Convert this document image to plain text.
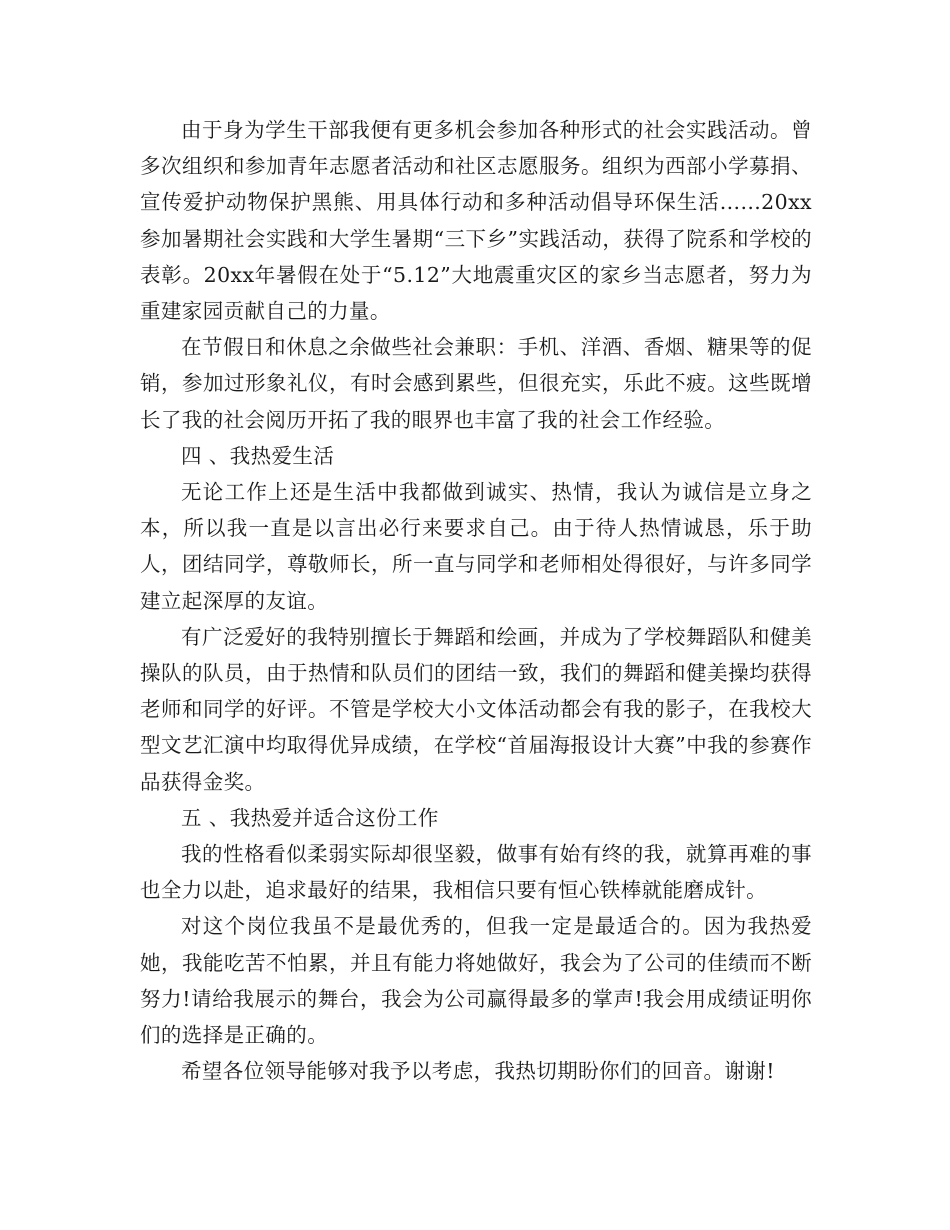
由于身为学生干部我便有更多机会参加各种形式的社会实践活动。曾多次组织和参加青年志愿者活动和社区志愿服务。组织为西部小学募捐、宣传爱护动物保护黑熊、用具体行动和多种活动倡导环保生活......20xx参加暑期社会实践和大学生暑期“三下乡”实践活动，获得了院系和学校的表彰。20xx年暑假在处于“5.12”大地震重灾区的家乡当志愿者，努力为重建家园贡献自己的力量。

在节假日和休息之余做些社会兼职：手机、洋酒、香烟、糖果等的促销，参加过形象礼仪，有时会感到累些，但很充实，乐此不疲。这些既增长了我的社会阅历开拓了我的眼界也丰富了我的社会工作经验。

四 、我热爱生活

无论工作上还是生活中我都做到诚实、热情，我认为诚信是立身之本，所以我一直是以言出必行来要求自己。由于待人热情诚恳，乐于助人，团结同学，尊敬师长，所一直与同学和老师相处得很好，与许多同学建立起深厚的友谊。

有广泛爱好的我特别擅长于舞蹈和绘画，并成为了学校舞蹈队和健美操队的队员，由于热情和队员们的团结一致，我们的舞蹈和健美操均获得老师和同学的好评。不管是学校大小文体活动都会有我的影子，在我校大型文艺汇演中均取得优异成绩，在学校“首届海报设计大赛”中我的参赛作品获得金奖。

五 、我热爱并适合这份工作

我的性格看似柔弱实际却很坚毅，做事有始有终的我，就算再难的事也全力以赴，追求最好的结果，我相信只要有恒心铁棒就能磨成针。

对这个岗位我虽不是最优秀的，但我一定是最适合的。因为我热爱她，我能吃苦不怕累，并且有能力将她做好，我会为了公司的佳绩而不断努力!请给我展示的舞台，我会为公司赢得最多的掌声!我会用成绩证明你们的选择是正确的。

希望各位领导能够对我予以考虑，我热切期盼你们的回音。谢谢!
